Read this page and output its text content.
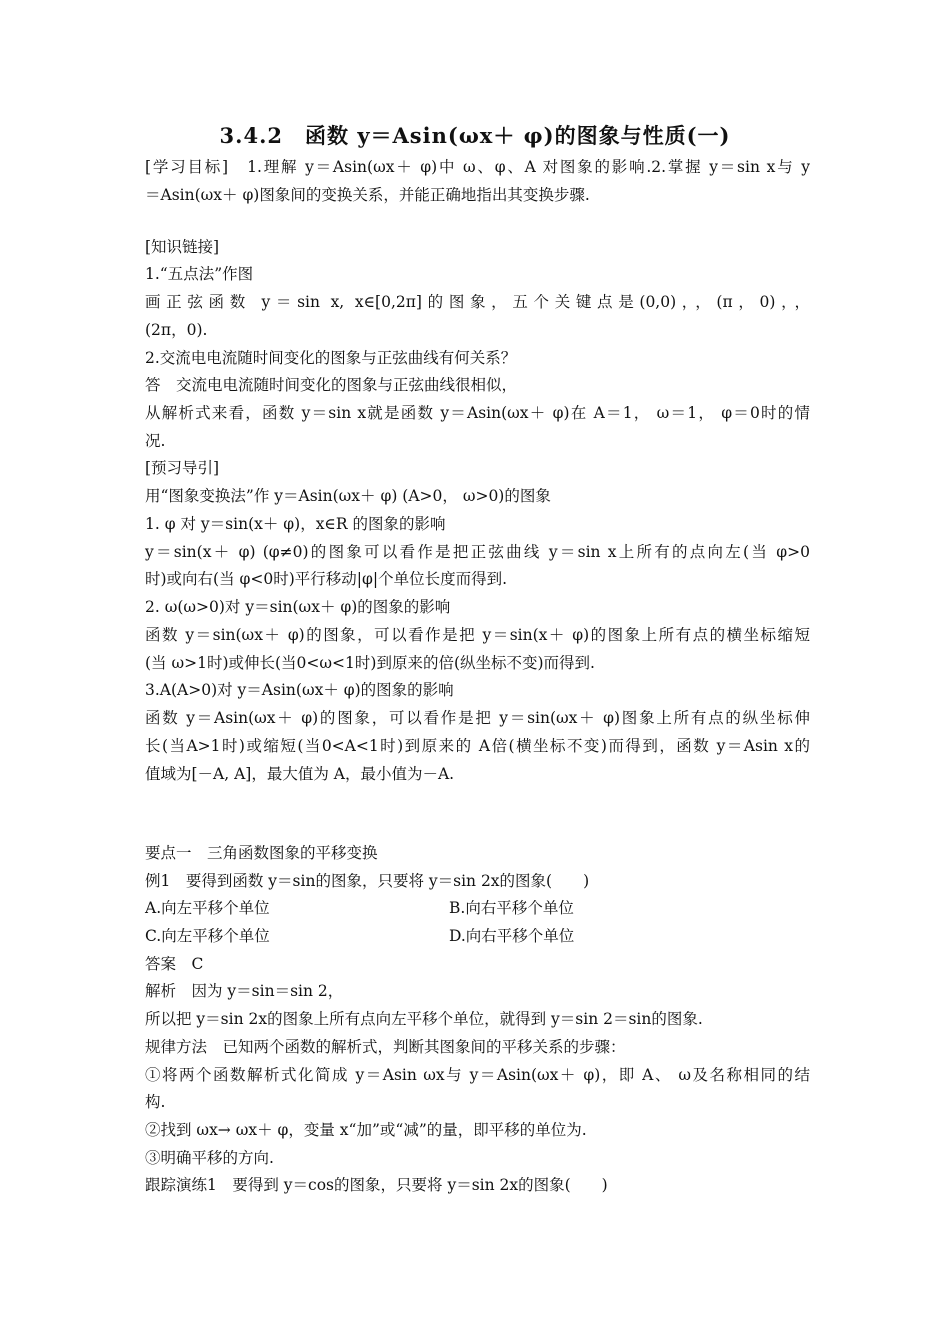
3.4.2　函数 y＝Asin(ωx＋ φ)的图象与性质(一)
[学习目标]　1.理解 y＝Asin(ωx＋ φ)中 ω、φ、A 对图象的影响.2.掌握 y＝sin x与 y
＝Asin(ωx＋ φ)图象间的变换关系，并能正确地指出其变换步骤.
[知识链接]
1.“五点法”作图
画正弦函数 y＝sin x, x∈[0,2π]的图象，五个关键点是(0,0)，，(π，0)，，
(2π，0).
2.交流电电流随时间变化的图象与正弦曲线有何关系？
答　交流电电流随时间变化的图象与正弦曲线很相似，
从解析式来看，函数 y＝sin x就是函数 y＝Asin(ωx＋ φ)在 A＝1， ω＝1， φ＝0时的情
况.
[预习导引]
用“图象变换法”作 y＝Asin(ωx＋ φ) (A>0， ω>0)的图象
1. φ 对 y＝sin(x＋ φ)，x∈R 的图象的影响
y＝sin(x＋ φ) (φ≠0)的图象可以看作是把正弦曲线 y＝sin x上所有的点向左(当 φ>0
时)或向右(当 φ<0时)平行移动|φ|个单位长度而得到.
2. ω(ω>0)对 y＝sin(ωx＋ φ)的图象的影响
函数 y＝sin(ωx＋ φ)的图象，可以看作是把 y＝sin(x＋ φ)的图象上所有点的横坐标缩短
(当 ω>1时)或伸长(当0<ω<1时)到原来的倍(纵坐标不变)而得到.
3.A(A>0)对 y＝Asin(ωx＋ φ)的图象的影响
函数 y＝Asin(ωx＋ φ)的图象，可以看作是把 y＝sin(ωx＋ φ)图象上所有点的纵坐标伸
长(当A>1时)或缩短(当0<A<1时)到原来的 A倍(横坐标不变)而得到，函数 y＝Asin x的
值域为[－A, A]，最大值为 A，最小值为－A.
要点一　三角函数图象的平移变换
例1　要得到函数 y＝sin的图象，只要将 y＝sin 2x的图象(　　)
A.向左平移个单位	B.向右平移个单位
C.向左平移个单位	D.向右平移个单位
答案　C
解析　因为 y＝sin＝sin 2，
所以把 y＝sin 2x的图象上所有点向左平移个单位，就得到 y＝sin 2＝sin的图象.
规律方法　已知两个函数的解析式，判断其图象间的平移关系的步骤：
①将两个函数解析式化简成 y＝Asin ωx与 y＝Asin(ωx＋ φ)，即 A、 ω及名称相同的结
构.
②找到 ωx→ ωx＋ φ，变量 x“加”或“减”的量，即平移的单位为.
③明确平移的方向.
跟踪演练1　要得到 y＝cos的图象，只要将 y＝sin 2x的图象(　　)
